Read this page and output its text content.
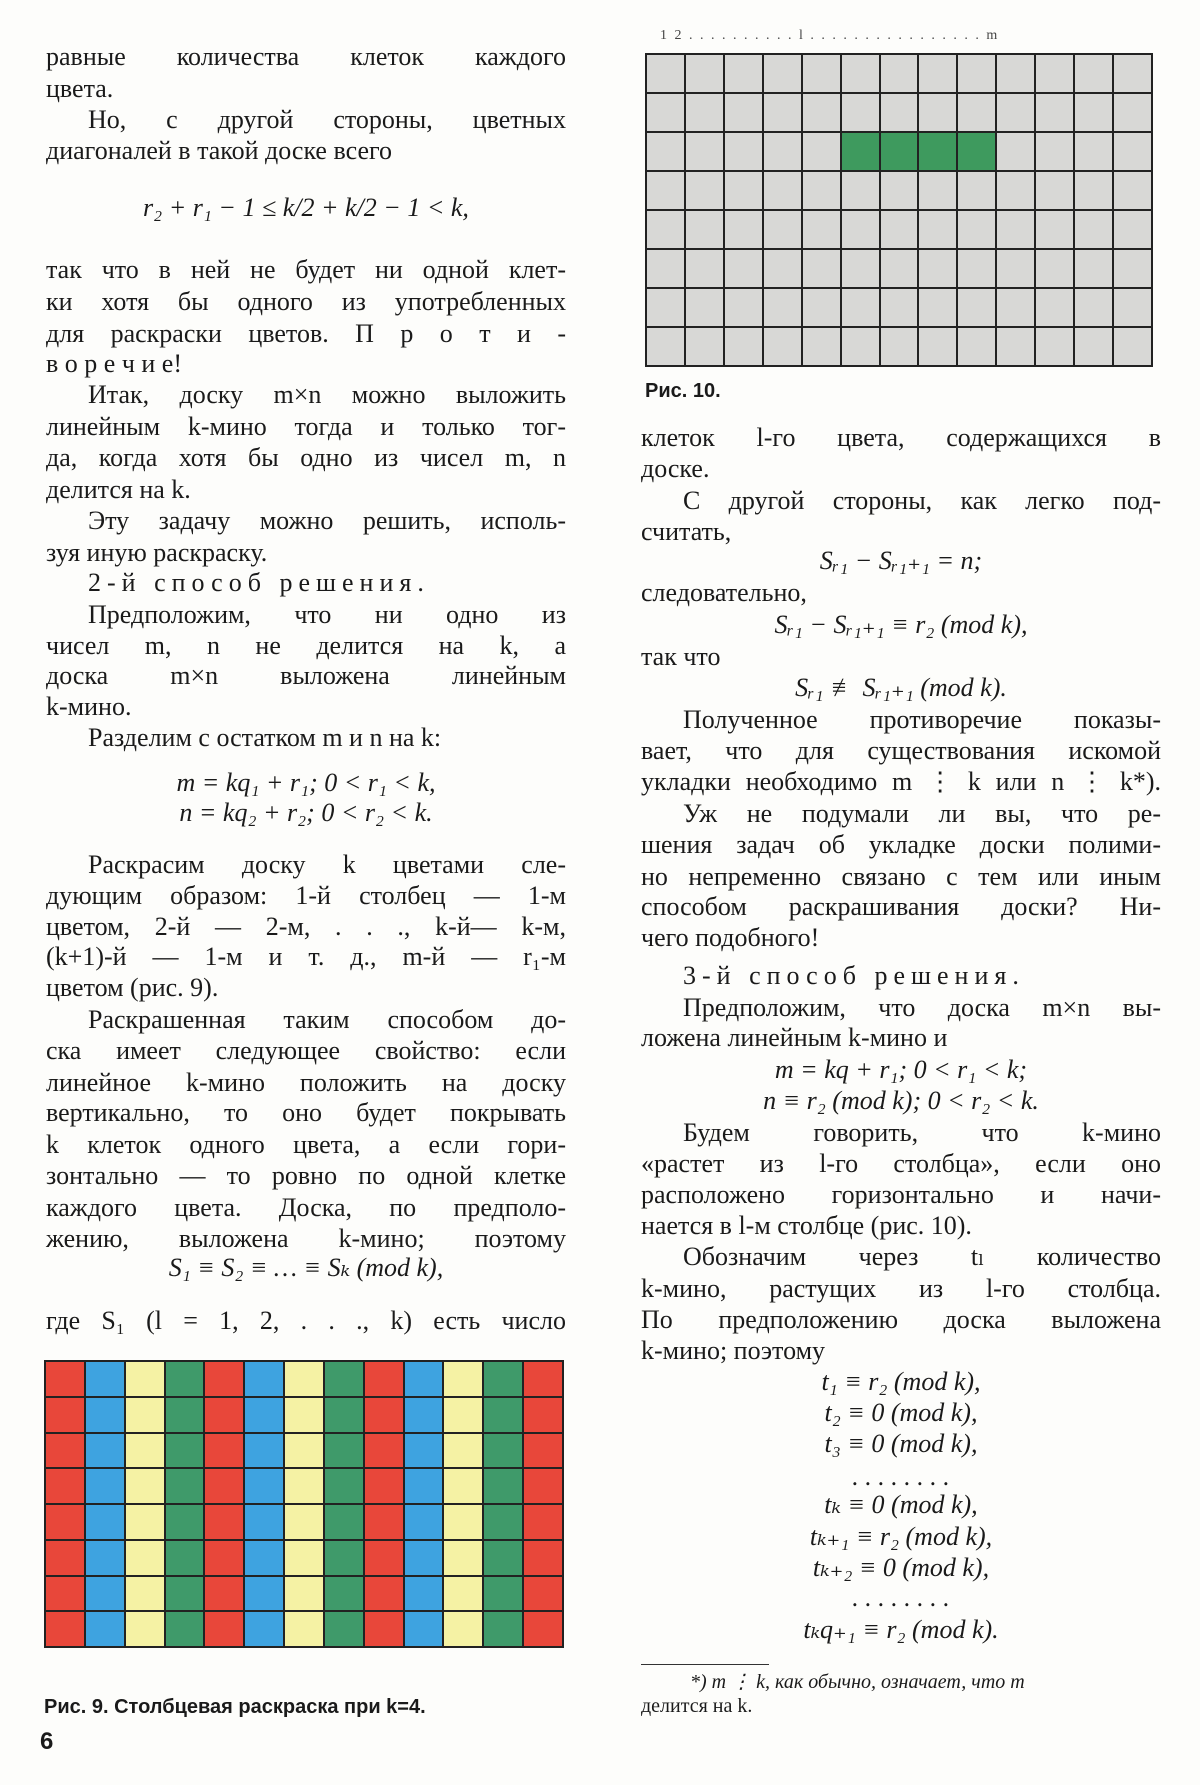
равные количества клеток каждого
цвета.
Но, с другой стороны, цветных
диагоналей в такой доске всего
r₂ + r₁ − 1 ≤ k/2 + k/2 − 1 < k,
так что в ней не будет ни одной клет-
ки хотя бы одного из употребленных
для раскраски цветов. П р о т и -
в о р е ч и е!
Итак, доску m×n можно выложить
линейным k-мино тогда и только тог-
да, когда хотя бы одно из чисел m, n
делится на k.
Эту задачу можно решить, исполь-
зуя иную раскраску.
2-й способ решения.
Предположим, что ни одно из
чисел m, n не делится на k, а
доска m×n выложена линейным
k-мино.
Разделим с остатком m и n на k:
m = kq₁ + r₁; 0 < r₁ < k,
n = kq₂ + r₂; 0 < r₂ < k.
Раскрасим доску k цветами сле-
дующим образом: 1-й столбец — 1-м
цветом, 2-й — 2-м, . . ., k-й— k-м,
(k+1)-й — 1-м и т. д., m-й — r₁-м
цветом (рис. 9).
Раскрашенная таким способом до-
ска имеет следующее свойство: если
линейное k-мино положить на доску
вертикально, то оно будет покрывать
k клеток одного цвета, а если гори-
зонтально — то ровно по одной клетке
каждого цвета. Доска, по предполо-
жению, выложена k-мино; поэтому
S₁ ≡ S₂ ≡ … ≡ Sₖ (mod k),
где S₁ (l = 1, 2, . . ., k) есть число
клеток l-го цвета, содержащихся в
доске.
С другой стороны, как легко под-
считать,
Sᵣ₁ − Sᵣ₁₊₁ = n;
следовательно,
Sᵣ₁ − Sᵣ₁₊₁ ≡ r₂ (mod k),
так что
Sᵣ₁ ≢ Sᵣ₁₊₁ (mod k).
Полученное противоречие показы-
вает, что для существования искомой
укладки необходимо m ⋮ k или n ⋮ k*).
Уж не подумали ли вы, что ре-
шения задач об укладке доски полими-
но непременно связано с тем или иным
способом раскрашивания доски? Ни-
чего подобного!
3-й способ решения.
Предположим, что доска m×n вы-
ложена линейным k-мино и
m = kq + r₁; 0 < r₁ < k;
n ≡ r₂ (mod k); 0 < r₂ < k.
Будем говорить, что k-мино
«растет из l-го столбца», если оно
расположено горизонтально и начи-
нается в l-м столбце (рис. 10).
Обозначим через tₗ количество
k-мино, растущих из l-го столбца.
По предположению доска выложена
k-мино; поэтому
t₁ ≡ r₂ (mod k),
t₂ ≡ 0 (mod k),
t₃ ≡ 0 (mod k),
. . . . . . . .
tₖ ≡ 0 (mod k),
tₖ₊₁ ≡ r₂ (mod k),
tₖ₊₂ ≡ 0 (mod k),
. . . . . . . .
tₖq₊₁ ≡ r₂ (mod k).
1 2 . . . . . . . . . . l . . . . . . . . . . . . . . . . m
Рис. 10.
Рис. 9. Столбцевая раскраска при k=4.
6
*) m ⋮ k, как обычно, означает, что m
делится на k.
